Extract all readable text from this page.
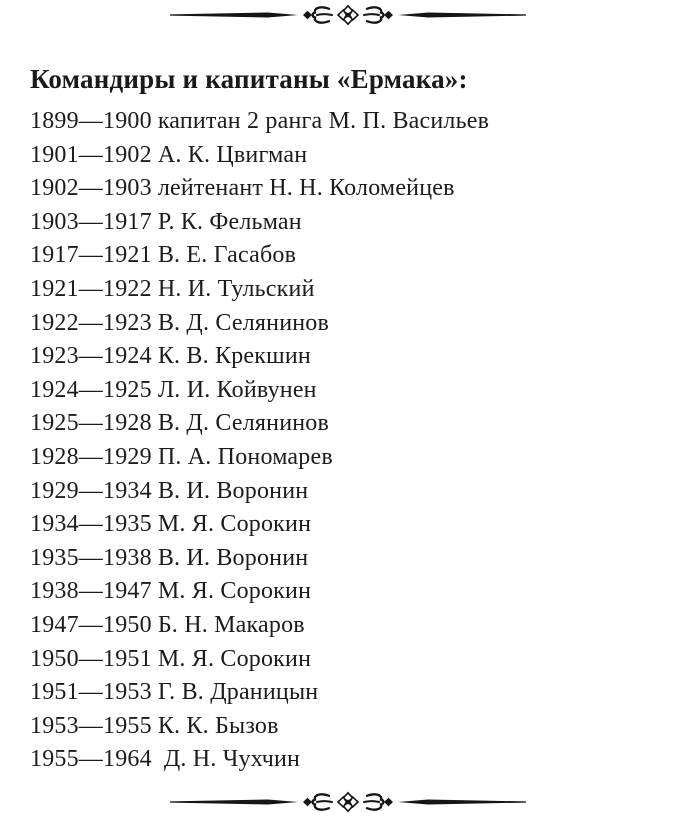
Командиры и капитаны «Ермака»:
1899—1900 капитан 2 ранга М. П. Васильев
1901—1902 А. К. Цвигман
1902—1903 лейтенант Н. Н. Коломейцев
1903—1917 Р. К. Фельман
1917—1921 В. Е. Гасабов
1921—1922 Н. И. Тульский
1922—1923 В. Д. Селянинов
1923—1924 К. В. Крекшин
1924—1925 Л. И. Койвунен
1925—1928 В. Д. Селянинов
1928—1929 П. А. Пономарев
1929—1934 В. И. Воронин
1934—1935 М. Я. Сорокин
1935—1938 В. И. Воронин
1938—1947 М. Я. Сорокин
1947—1950 Б. Н. Макаров
1950—1951 М. Я. Сорокин
1951—1953 Г. В. Драницын
1953—1955 К. К. Бызов
1955—1964 Д. Н. Чухчин
